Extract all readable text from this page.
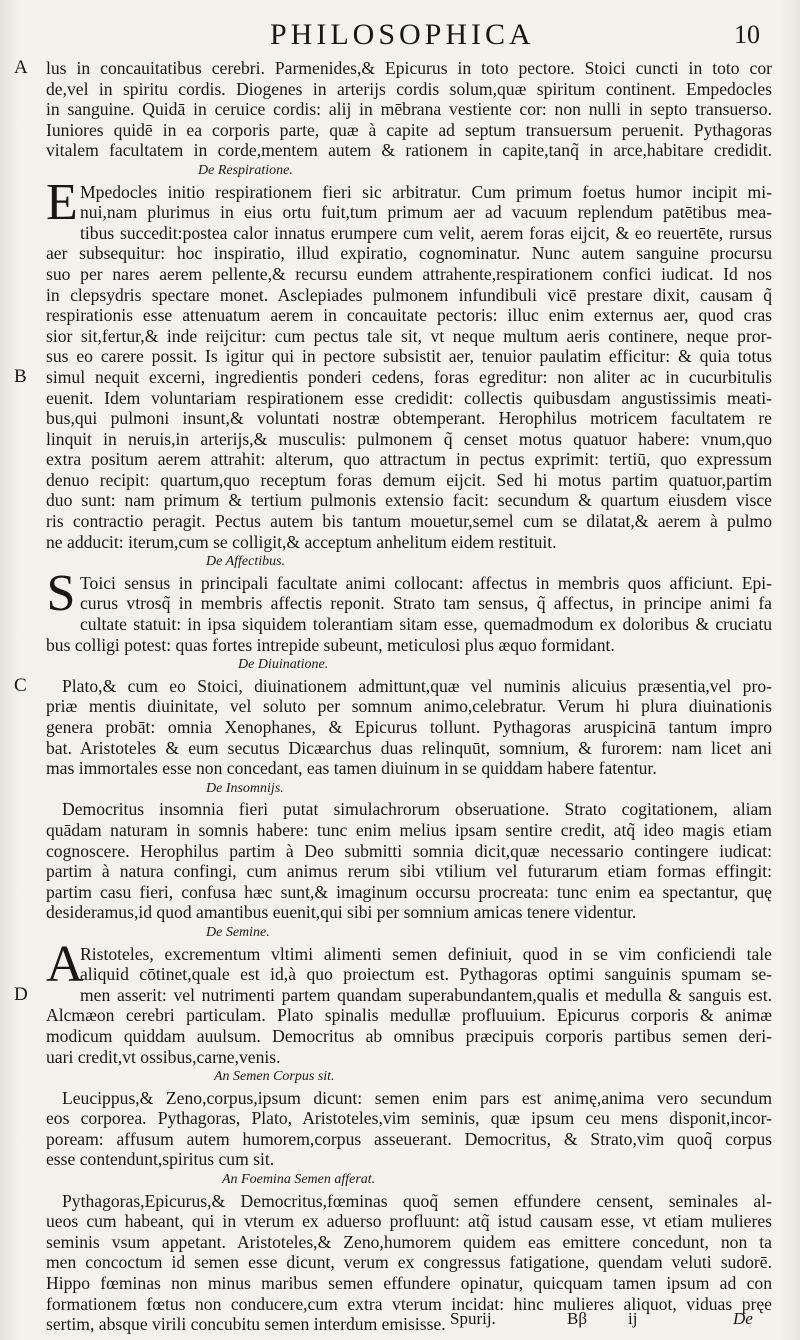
PHILOSOPHICA	10
A lus in concauitatibus cerebri. Parmenides,& Epicurus in toto pectore. Stoici cuncti in toto cor
de,vel in spiritu cordis. Diogenes in arterijs cordis solum,quæ spiritum continent. Empedocles
in sanguine. Quidā in ceruice cordis: alij in mēbrana vestiente cor: non nulli in septo transuerso.
Iuniores quidē in ea corporis parte, quæ à capite ad septum transuersum peruenit. Pythagoras
vitalem facultatem in corde,mentem autem & rationem in capite,tanq̃ in arce,habitare credidit.
De Respiratione.
E
B
Mpedocles initio respirationem fieri sic arbitratur. Cum primum foetus humor incipit mi-
nui,nam plurimus in eius ortu fuit,tum primum aer ad vacuum replendum patētibus mea-
tibus succedit:postea calor innatus erumpere cum velit, aerem foras eijcit, & eo reuertēte, rursus
aer subsequitur: hoc inspiratio, illud expiratio, cognominatur. Nunc autem sanguine procursu
suo per nares aerem pellente,& recursu eundem attrahente,respirationem confici iudicat. Id nos
in clepsydris spectare monet. Asclepiades pulmonem infundibuli vicē prestare dixit, causam q̃
respirationis esse attenuatum aerem in concauitate pectoris: illuc enim externus aer, quod cras
sior sit,fertur,& inde reijcitur: cum pectus tale sit, vt neque multum aeris continere, neque pror-
sus eo carere possit. Is igitur qui in pectore subsistit aer, tenuior paulatim efficitur: & quia totus
simul nequit excerni, ingredientis ponderi cedens, foras egreditur: non aliter ac in cucurbitulis
euenit. Idem voluntariam respirationem esse credidit: collectis quibusdam angustissimis meati-
bus,qui pulmoni insunt,& voluntati nostræ obtemperant. Herophilus motricem facultatem re
linquit in neruis,in arterijs,& musculis: pulmonem q̃ censet motus quatuor habere: vnum,quo
extra positum aerem attrahit: alterum, quo attractum in pectus exprimit: tertiū, quo expressum
denuo recipit: quartum,quo receptum foras demum eijcit. Sed hi motus partim quatuor,partim
duo sunt: nam primum & tertium pulmonis extensio facit: secundum & quartum eiusdem visce
ris contractio peragit. Pectus autem bis tantum mouetur,semel cum se dilatat,& aerem à pulmo
ne adducit: iterum,cum se colligit,& acceptum anhelitum eidem restituit.
De Affectibus.
S Toici sensus in principali facultate animi collocant: affectus in membris quos afficiunt. Epi-
curus vtrosq̃ in membris affectis reponit. Strato tam sensus, q̃ affectus, in principe animi fa
cultate statuit: in ipsa siquidem tolerantiam sitam esse, quemadmodum ex doloribus & cruciatu
bus colligi potest: quas fortes intrepide subeunt, meticulosi plus æquo formidant.
De Diuinatione.
C	Plato,& cum eo Stoici, diuinationem admittunt,quæ vel numinis alicuius præsentia,vel pro-
priæ mentis diuinitate, vel soluto per somnum animo,celebratur. Verum hi plura diuinationis
genera probāt: omnia Xenophanes, & Epicurus tollunt. Pythagoras aruspicinā tantum impro
bat. Aristoteles & eum secutus Dicæarchus duas relinquūt, somnium, & furorem: nam licet ani
mas immortales esse non concedant, eas tamen diuinum in se quiddam habere fatentur.
De Insomnijs.
Democritus insomnia fieri putat simulachrorum obseruatione. Strato cogitationem, aliam
quādam naturam in somnis habere: tunc enim melius ipsam sentire credit, atq̃ ideo magis etiam
cognoscere. Herophilus partim à Deo submitti somnia dicit,quæ necessario contingere iudicat:
partim à natura confingi, cum animus rerum sibi vtilium vel futurarum etiam formas effingit:
partim casu fieri, confusa hæc sunt,& imaginum occursu procreata: tunc enim ea spectantur, quę
desideramus,id quod amantibus euenit,qui sibi per somnium amicas tenere videntur.
De Semine.
A
D
Ristoteles, excrementum vltimi alimenti semen definiuit, quod in se vim conficiendi tale
aliquid cōtinet,quale est id,à quo proiectum est. Pythagoras optimi sanguinis spumam se-
men asserit: vel nutrimenti partem quandam superabundantem,qualis et medulla & sanguis est.
Alcmæon cerebri particulam. Plato spinalis medullæ profluuium. Epicurus corporis & animæ
modicum quiddam auulsum. Democritus ab omnibus præcipuis corporis partibus semen deri-
uari credit,vt ossibus,carne,venis.
An Semen Corpus sit.
Leucippus,& Zeno,corpus,ipsum dicunt: semen enim pars est animę,anima vero secundum
eos corporea. Pythagoras, Plato, Aristoteles,vim seminis, quæ ipsum ceu mens disponit,incor-
poream: affusum autem humorem,corpus asseuerant. Democritus, & Strato,vim quoq̃ corpus
esse contendunt,spiritus cum sit.
An Foemina Semen afferat.
Pythagoras,Epicurus,& Democritus,fœminas quoq̃ semen effundere censent, seminales al-
ueos cum habeant, qui in vterum ex aduerso profluunt: atq̃ istud causam esse, vt etiam mulieres
seminis vsum appetant. Aristoteles,& Zeno,humorem quidem eas emittere concedunt, non ta
men concoctum id semen esse dicunt, verum ex congressus fatigatione, quendam veluti sudorē.
Hippo fœminas non minus maribus semen effundere opinatur, quicquam tamen ipsum ad con
formationem fœtus non conducere,cum extra vterum incidat: hinc mulieres aliquot, viduas pręe
sertim, absque virili concubitu semen interdum emisisse. Spurij.	Bβ ij	De
